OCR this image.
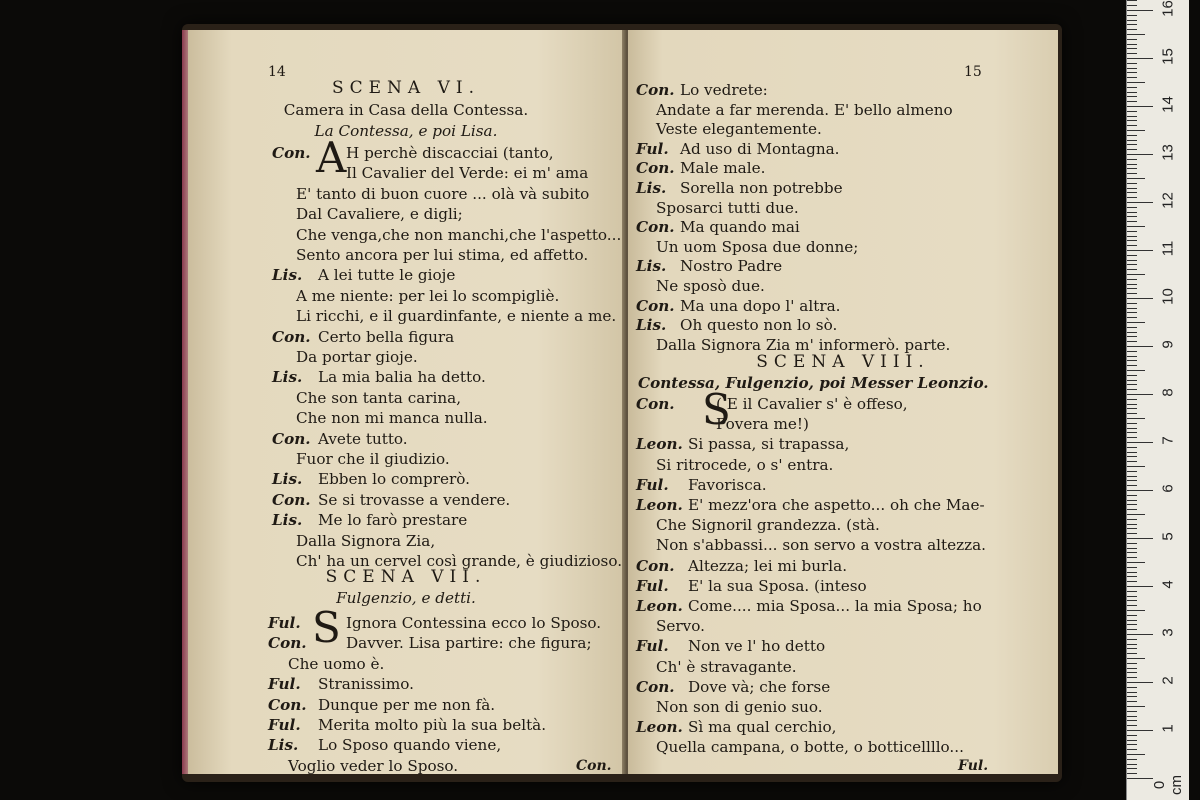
14
SCENA VI.
Camera in Casa della Contessa.
La Contessa, e poi Lisa.
A
Con. H perchè discacciai (tanto,
Il Cavalier del Verde: ei m' ama
E' tanto di buon cuore ... olà và subito
Dal Cavaliere, e digli;
Che venga,che non manchi,che l'aspetto...
Sento ancora per lui stima, ed affetto.
Lis. A lei tutte le gioje
A me niente: per lei lo scompigliè.
Li ricchi, e il guardinfante, e niente a me.
Con. Certo bella figura
Da portar gioje.
Lis. La mia balia ha detto.
Che son tanta carina,
Che non mi manca nulla.
Con. Avete tutto.
Fuor che il giudizio.
Lis. Ebben lo comprerò.
Con. Se si trovasse a vendere.
Lis. Me lo farò prestare
Dalla Signora Zia,
Ch' ha un cervel così grande, è giudizioso.
SCENA VII.
Fulgenzio, e detti.
S
Ful.	Ignora Contessina ecco lo Sposo.
Con.	Davver. Lisa partire: che figura;
Che uomo è.
Ful. Stranissimo.
Con. Dunque per me non fà.
Ful. Merita molto più la sua beltà.
Lis. Lo Sposo quando viene,
Voglio veder lo Sposo.	Con.
15
Con. Lo vedrete:
Andate a far merenda. E' bello almeno
Veste elegantemente.
Ful. Ad uso di Montagna.
Con. Male male.
Lis. Sorella non potrebbe
Sposarci tutti due.
Con. Ma quando mai
Un uom Sposa due donne;
Lis. Nostro Padre
Ne sposò due.
Con. Ma una dopo l' altra.
Lis. Oh questo non lo sò.
Dalla Signora Zia m' informerò. parte.
SCENA VIII.
Contessa, Fulgenzio, poi Messer Leonzio.
S
Con.	( E il Cavalier s' è offeso,
Povera me!)
Leon. Si passa, si trapassa,
Si ritrocede, o s' entra.
Ful. Favorisca.
Leon. E' mezz'ora che aspetto... oh che Mae-
Che Signoril grandezza. (stà.
Non s'abbassi... son servo a vostra altezza.
Con. Altezza; lei mi burla.
Ful. E' la sua Sposa. (inteso
Leon. Come.... mia Sposa... la mia Sposa; ho
Servo.
Ful. Non ve l' ho detto
Ch' è stravagante.
Con. Dove và; che forse
Non son di genio suo.
Leon. Sì ma qual cerchio,
Quella campana, o botte, o botticellllo...
Ful.
0 cm
1
2
3
4
5
6
7
8
9
10
11
12
13
14
15
16
